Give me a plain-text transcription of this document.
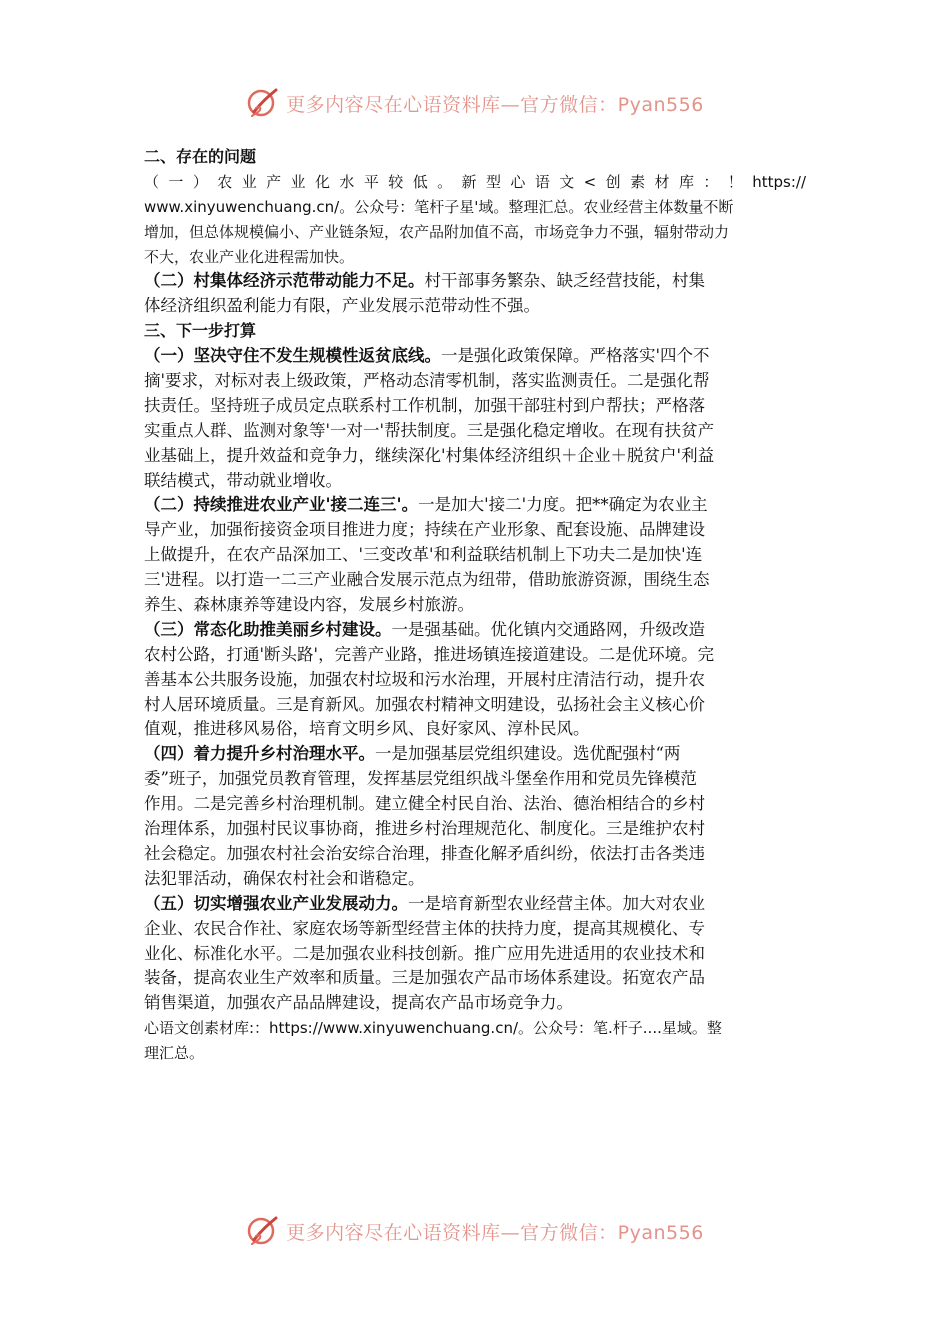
更多内容尽在心语资料库—官方微信：Pyan556
二、存在的问题
（一）农业产业化水平较低。新型心语文<创素材库：！https://
www.xinyuwenchuang.cn/。公众号：笔杆子星'域。整理汇总。农业经营主体数量不断
增加，但总体规模偏小、产业链条短，农产品附加值不高，市场竞争力不强，辐射带动力
不大，农业产业化进程需加快。
（二）村集体经济示范带动能力不足。村干部事务繁杂、缺乏经营技能，村集
体经济组织盈利能力有限，产业发展示范带动性不强。
三、下一步打算
（一）坚决守住不发生规模性返贫底线。一是强化政策保障。严格落实'四个不
摘'要求，对标对表上级政策，严格动态清零机制，落实监测责任。二是强化帮
扶责任。坚持班子成员定点联系村工作机制，加强干部驻村到户帮扶；严格落
实重点人群、监测对象等'一对一'帮扶制度。三是强化稳定增收。在现有扶贫产
业基础上，提升效益和竞争力，继续深化'村集体经济组织＋企业＋脱贫户'利益
联结模式，带动就业增收。
（二）持续推进农业产业'接二连三'。一是加大'接二'力度。把**确定为农业主
导产业，加强衔接资金项目推进力度；持续在产业形象、配套设施、品牌建设
上做提升，在农产品深加工、'三变改革'和利益联结机制上下功夫二是加快'连
三'进程。以打造一二三产业融合发展示范点为纽带，借助旅游资源，围绕生态
养生、森林康养等建设内容，发展乡村旅游。
（三）常态化助推美丽乡村建设。一是强基础。优化镇内交通路网，升级改造
农村公路，打通'断头路'，完善产业路，推进场镇连接道建设。二是优环境。完
善基本公共服务设施，加强农村垃圾和污水治理，开展村庄清洁行动，提升农
村人居环境质量。三是育新风。加强农村精神文明建设，弘扬社会主义核心价
值观，推进移风易俗，培育文明乡风、良好家风、淳朴民风。
（四）着力提升乡村治理水平。一是加强基层党组织建设。选优配强村“两
委”班子，加强党员教育管理，发挥基层党组织战斗堡垒作用和党员先锋模范
作用。二是完善乡村治理机制。建立健全村民自治、法治、德治相结合的乡村
治理体系，加强村民议事协商，推进乡村治理规范化、制度化。三是维护农村
社会稳定。加强农村社会治安综合治理，排查化解矛盾纠纷，依法打击各类违
法犯罪活动，确保农村社会和谐稳定。
（五）切实增强农业产业发展动力。一是培育新型农业经营主体。加大对农业
企业、农民合作社、家庭农场等新型经营主体的扶持力度，提高其规模化、专
业化、标准化水平。二是加强农业科技创新。推广应用先进适用的农业技术和
装备，提高农业生产效率和质量。三是加强农产品市场体系建设。拓宽农产品
销售渠道，加强农产品品牌建设，提高农产品市场竞争力。
心语文创素材库:：https://www.xinyuwenchuang.cn/。公众号：笔.杆子....星域。整
理汇总。
更多内容尽在心语资料库—官方微信：Pyan556
